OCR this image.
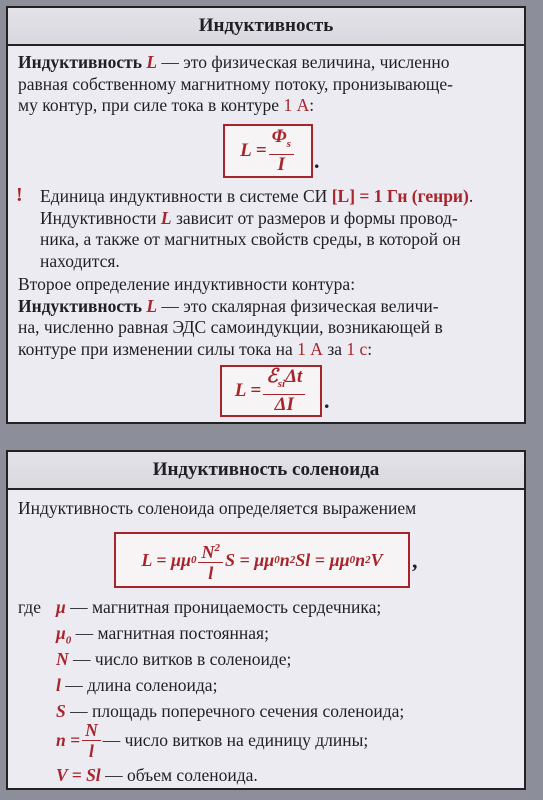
Индуктивность
Индуктивность L — это физическая величина, численно
равная собственному магнитному потоку, пронизывающе-
му контур, при силе тока в контуре 1 А:
$L = \frac{\Phi_s}{I}$ .
! Единица индуктивности в системе СИ [L] = 1 Гн (генри).
Индуктивности L зависит от размеров и формы провод-
ника, а также от магнитных свойств среды, в которой он
находится.
Второе определение индуктивности контура:
Индуктивность L — это скалярная физическая величи-
на, численно равная ЭДС самоиндукции, возникающей в
контуре при изменении силы тока на 1 А за 1 с:
$L = \frac{ℰ_{si}\Delta t}{\Delta I}$ .
Индуктивность соленоида
Индуктивность соленоида определяется выражением
L = μμ $0 \frac{N^2}{l}$ S = μμ 0 n 2 Sl = μμ 0 n 2 V ,
где μ — магнитная проницаемость сердечника;
$\mu_0$ — магнитная постоянная;
N — число витков в соленоиде;
l — длина соленоида;
S — площадь поперечного сечения соленоида;
$n = \frac{N}{l}$ — число витков на единицу длины;
V = Sl — объем соленоида.
